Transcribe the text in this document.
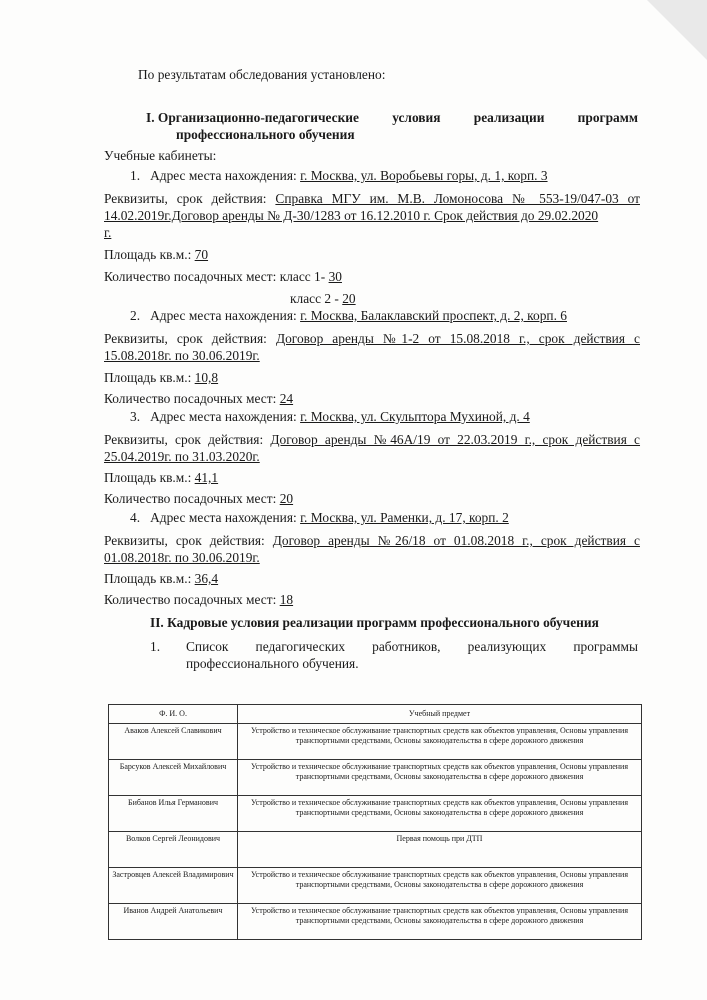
По результатам обследования установлено:
I. Организационно-педагогические условия реализации программ
профессионального обучения
Учебные кабинеты:
1. Адрес места нахождения: г. Москва, ул. Воробьевы горы, д. 1, корп. 3
Реквизиты, срок действия: Справка МГУ им. М.В. Ломоносова № 553-19/047-03 от
14.02.2019г.Договор аренды № Д-30/1283 от 16.12.2010 г. Срок действия до 29.02.2020
г.
Площадь кв.м.: 70
Количество посадочных мест: класс 1- 30
класс 2 - 20
2. Адрес места нахождения: г. Москва, Балаклавский проспект, д. 2, корп. 6
Реквизиты, срок действия: Договор аренды №1-2 от 15.08.2018 г., срок действия с
15.08.2018г. по 30.06.2019г.
Площадь кв.м.: 10,8
Количество посадочных мест: 24
3. Адрес места нахождения: г. Москва, ул. Скульптора Мухиной, д. 4
Реквизиты, срок действия: Договор аренды №46А/19 от 22.03.2019 г., срок действия с
25.04.2019г. по 31.03.2020г.
Площадь кв.м.: 41,1
Количество посадочных мест: 20
4. Адрес места нахождения: г. Москва, ул. Раменки, д. 17, корп. 2
Реквизиты, срок действия: Договор аренды №26/18 от 01.08.2018 г., срок действия с
01.08.2018г. по 30.06.2019г.
Площадь кв.м.: 36,4
Количество посадочных мест: 18
II. Кадровые условия реализации программ профессионального обучения
1. Список педагогических работников, реализующих программы
профессионального обучения.
Ф. И. О.	Учебный предмет
Аваков Алексей Славикович	Устройство и техническое обслуживание транспортных средств как объектов управления, Основы управления транспортными средствами, Основы законодательства в сфере дорожного движения
Барсуков Алексей Михайлович	Устройство и техническое обслуживание транспортных средств как объектов управления, Основы управления транспортными средствами, Основы законодательства в сфере дорожного движения
Бибанов Илья Германович	Устройство и техническое обслуживание транспортных средств как объектов управления, Основы управления транспортными средствами, Основы законодательства в сфере дорожного движения
Волков Сергей Леонидович	Первая помощь при ДТП
Застровцев Алексей Владимирович	Устройство и техническое обслуживание транспортных средств как объектов управления, Основы управления транспортными средствами, Основы законодательства в сфере дорожного движения
Иванов Андрей Анатольевич	Устройство и техническое обслуживание транспортных средств как объектов управления, Основы управления транспортными средствами, Основы законодательства в сфере дорожного движения
